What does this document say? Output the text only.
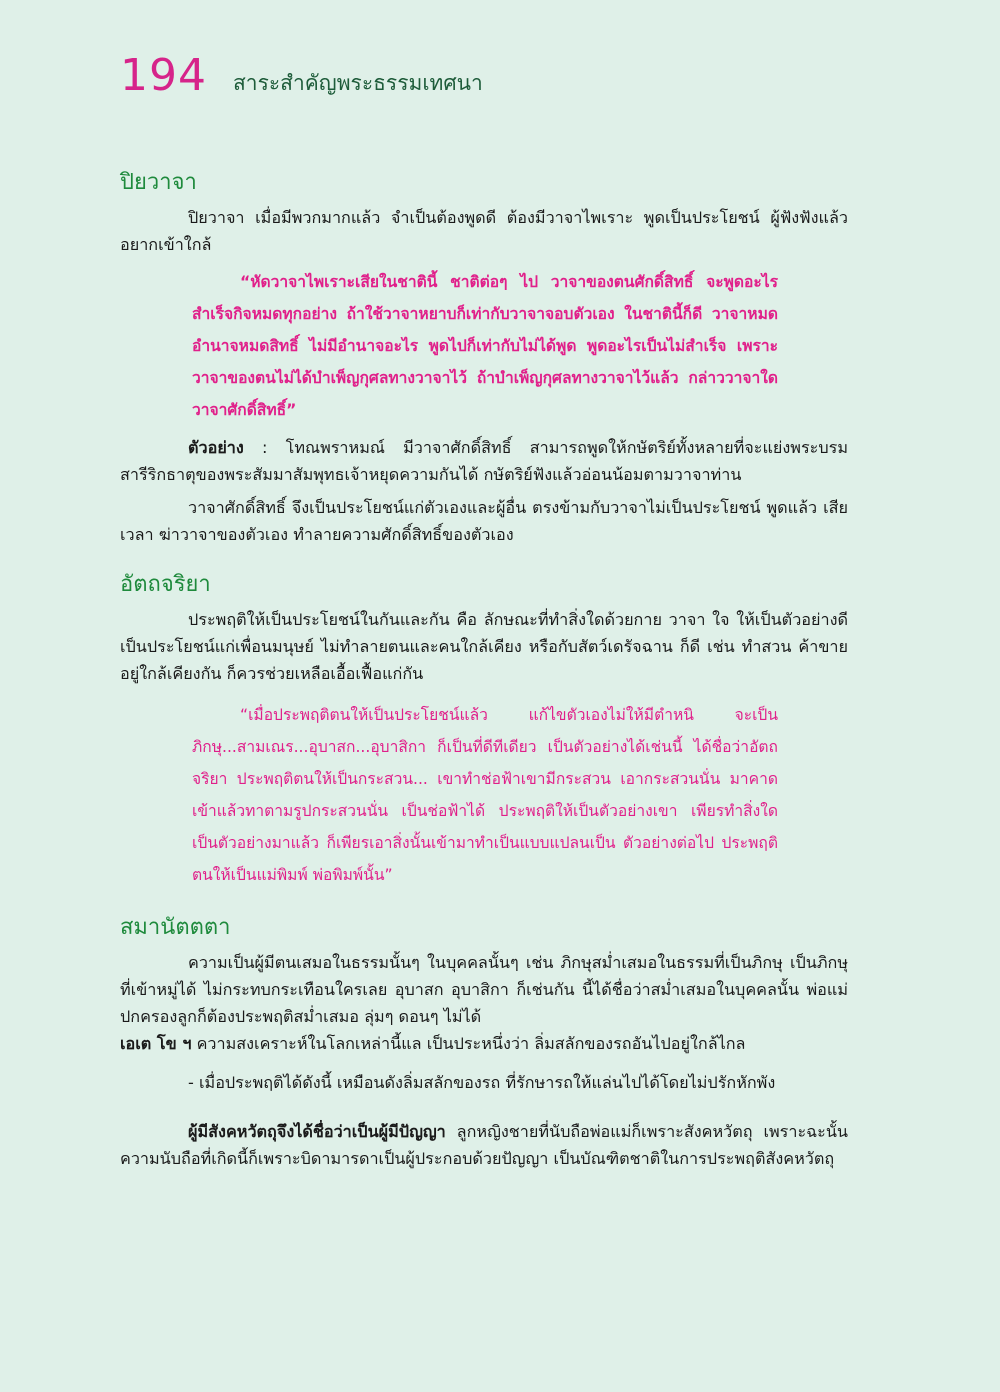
194 สาระสำคัญพระธรรมเทศนา
ปิยวาจา

ปิยวาจา เมื่อมีพวกมากแล้ว จำเป็นต้องพูดดี ต้องมีวาจาไพเราะ พูดเป็นประโยชน์ ผู้ฟังฟังแล้วอยากเข้าใกล้

“หัดวาจาไพเราะเสียในชาตินี้ ชาติต่อๆ ไป วาจาของตนศักดิ์สิทธิ์ จะพูดอะไรสำเร็จกิจหมดทุกอย่าง ถ้าใช้วาจาหยาบก็เท่ากับวาจาจอบตัวเอง ในชาตินี้ก็ดี วาจาหมดอำนาจหมดสิทธิ์ ไม่มีอำนาจอะไร พูดไปก็เท่ากับไม่ได้พูด พูดอะไรเป็นไม่สำเร็จ เพราะวาจาของตนไม่ได้บำเพ็ญกุศลทางวาจาไว้ ถ้าบำเพ็ญกุศลทางวาจาไว้แล้ว กล่าววาจาใด วาจาศักดิ์สิทธิ์”

ตัวอย่าง : โทณพราหมณ์ มีวาจาศักดิ์สิทธิ์ สามารถพูดให้กษัตริย์ทั้งหลายที่จะแย่งพระบรมสารีริกธาตุของพระสัมมาสัมพุทธเจ้าหยุดความกันได้ กษัตริย์ฟังแล้วอ่อนน้อมตามวาจาท่าน

วาจาศักดิ์สิทธิ์ จึงเป็นประโยชน์แก่ตัวเองและผู้อื่น ตรงข้ามกับวาจาไม่เป็นประโยชน์ พูดแล้ว เสียเวลา ฆ่าวาจาของตัวเอง ทำลายความศักดิ์สิทธิ์ของตัวเอง

อัตถจริยา

ประพฤติให้เป็นประโยชน์ในกันและกัน คือ ลักษณะที่ทำสิ่งใดด้วยกาย วาจา ใจ ให้เป็นตัวอย่างดี เป็นประโยชน์แก่เพื่อนมนุษย์ ไม่ทำลายตนและคนใกล้เคียง หรือกับสัตว์เดรัจฉาน ก็ดี เช่น ทำสวน ค้าขาย อยู่ใกล้เคียงกัน ก็ควรช่วยเหลือเอื้อเฟื้อแก่กัน

“เมื่อประพฤติตนให้เป็นประโยชน์แล้ว แก้ไขตัวเองไม่ให้มีตำหนิ จะเป็นภิกษุ...สามเณร...อุบาสก...อุบาสิกา ก็เป็นที่ดีทีเดียว เป็นตัวอย่างได้เช่นนี้ ได้ชื่อว่าอัตถจริยา ประพฤติตนให้เป็นกระสวน... เขาทำช่อฟ้าเขามีกระสวน เอากระสวนนั่น มาคาดเข้าแล้วทาตามรูปกระสวนนั่น เป็นช่อฟ้าได้ ประพฤติให้เป็นตัวอย่างเขา เพียรทำสิ่งใดเป็นตัวอย่างมาแล้ว ก็เพียรเอาสิ่งนั้นเข้ามาทำเป็นแบบแปลนเป็น ตัวอย่างต่อไป ประพฤติตนให้เป็นแม่พิมพ์ พ่อพิมพ์นั้น”

สมานัตตตา

ความเป็นผู้มีตนเสมอในธรรมนั้นๆ ในบุคคลนั้นๆ เช่น ภิกษุสม่ำเสมอในธรรมที่เป็นภิกษุ เป็นภิกษุที่เข้าหมู่ได้ ไม่กระทบกระเทือนใครเลย อุบาสก อุบาสิกา ก็เช่นกัน นี้ได้ชื่อว่าสม่ำเสมอในบุคคลนั้น พ่อแม่ปกครองลูกก็ต้องประพฤติสม่ำเสมอ ลุ่มๆ ดอนๆ ไม่ได้

เอเต โข ฯ ความสงเคราะห์ในโลกเหล่านี้แล เป็นประหนึ่งว่า ลิ่มสลักของรถอันไปอยู่ใกล้ไกล

- เมื่อประพฤติได้ดังนี้ เหมือนดังลิ่มสลักของรถ ที่รักษารถให้แล่นไปได้โดยไม่ปรักหักพัง

ผู้มีสังคหวัตถุจึงได้ชื่อว่าเป็นผู้มีปัญญา ลูกหญิงชายที่นับถือพ่อแม่ก็เพราะสังคหวัตถุ เพราะฉะนั้นความนับถือที่เกิดนี้ก็เพราะบิดามารดาเป็นผู้ประกอบด้วยปัญญา เป็นบัณฑิตชาติในการประพฤติสังคหวัตถุ
